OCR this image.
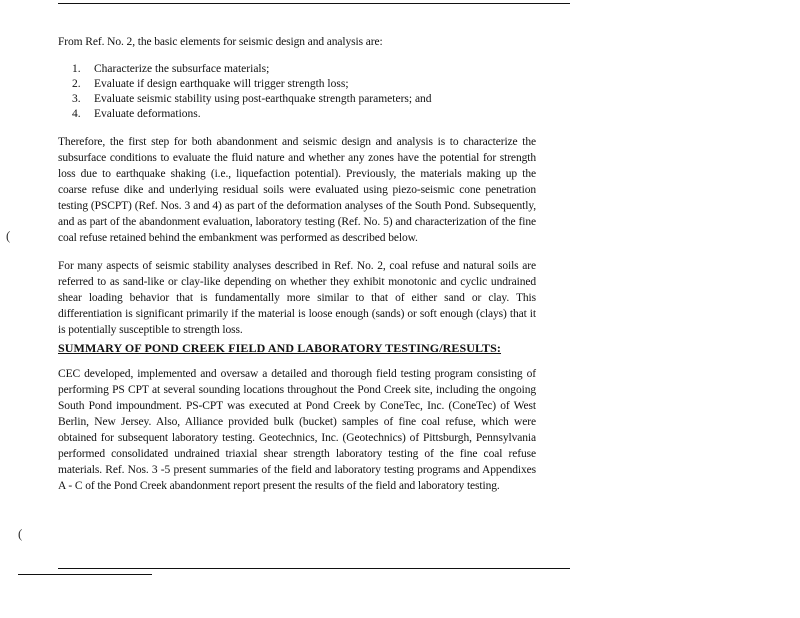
From Ref. No. 2, the basic elements for seismic design and analysis are:
1.	Characterize the subsurface materials;
2.	Evaluate if design earthquake will trigger strength loss;
3.	Evaluate seismic stability using post-earthquake strength parameters; and
4.	Evaluate deformations.
(
Therefore, the first step for both abandonment and seismic design and analysis is to characterize the subsurface conditions to evaluate the fluid nature and whether any zones have the potential for strength loss due to earthquake shaking (i.e., liquefaction potential). Previously, the materials making up the coarse refuse dike and underlying residual soils were evaluated using piezo-seismic cone penetration testing (PSCPT) (Ref. Nos. 3 and 4) as part of the deformation analyses of the South Pond. Subsequently, and as part of the abandonment evaluation, laboratory testing (Ref. No. 5) and characterization of the fine coal refuse retained behind the embankment was performed as described below.
For many aspects of seismic stability analyses described in Ref. No. 2, coal refuse and natural soils are referred to as sand-like or clay-like depending on whether they exhibit monotonic and cyclic undrained shear loading behavior that is fundamentally more similar to that of either sand or clay. This differentiation is significant primarily if the material is loose enough (sands) or soft enough (clays) that it is potentially susceptible to strength loss.
SUMMARY OF POND CREEK FIELD AND LABORATORY TESTING/RESULTS:
CEC developed, implemented and oversaw a detailed and thorough field testing program consisting of performing PS CPT at several sounding locations throughout the Pond Creek site, including the ongoing South Pond impoundment. PS-CPT was executed at Pond Creek by ConeTec, Inc. (ConeTec) of West Berlin, New Jersey. Also, Alliance provided bulk (bucket) samples of fine coal refuse, which were obtained for subsequent laboratory testing. Geotechnics, Inc. (Geotechnics) of Pittsburgh, Pennsylvania performed consolidated undrained triaxial shear strength laboratory testing of the fine coal refuse materials. Ref. Nos. 3 -5 present summaries of the field and laboratory testing programs and Appendixes A - C of the Pond Creek abandonment report present the results of the field and laboratory testing.
(
